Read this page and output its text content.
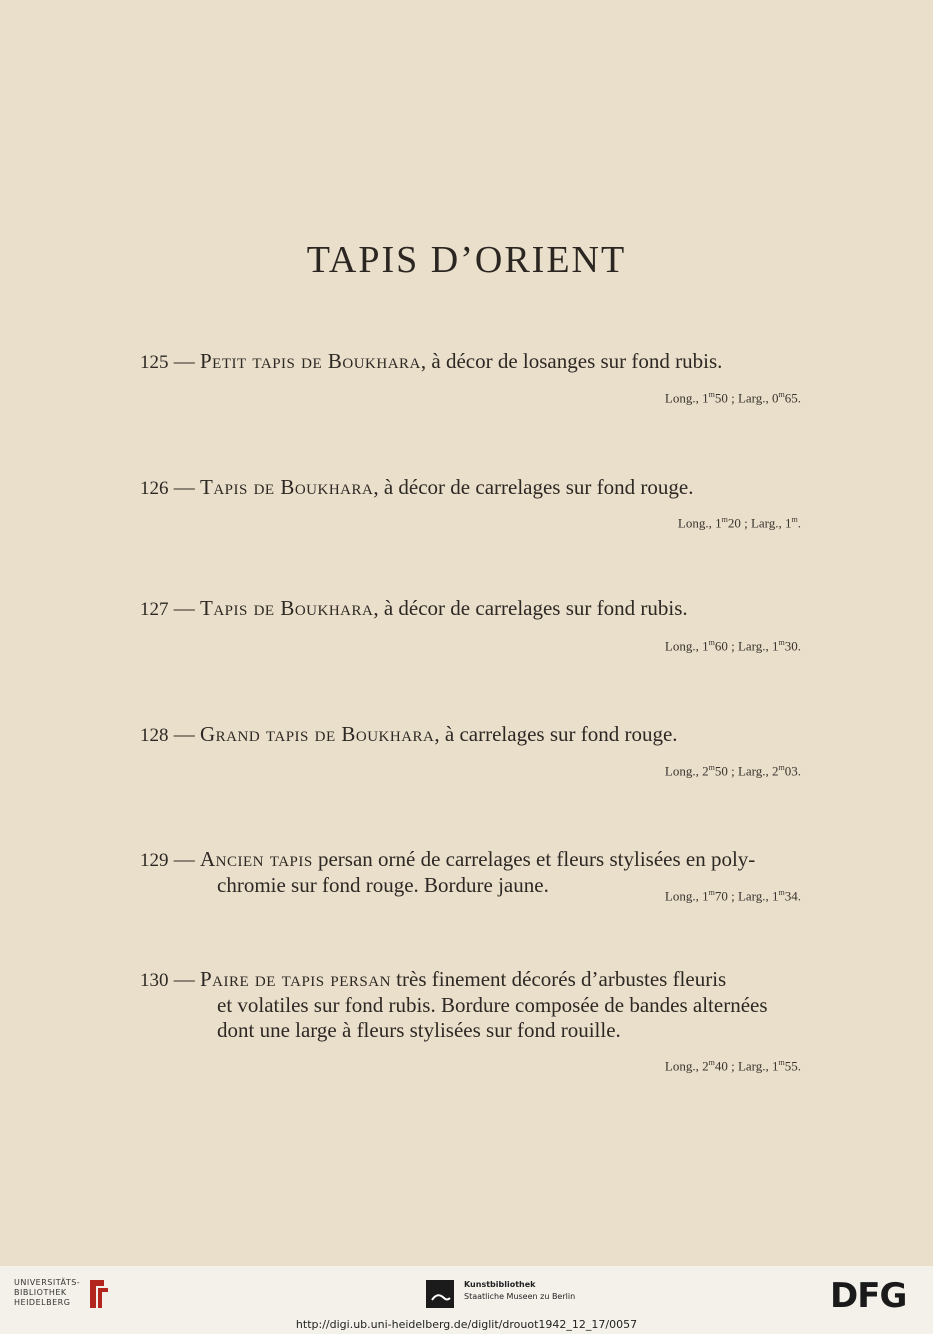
TAPIS D’ORIENT
125 — Petit tapis de Boukhara, à décor de losanges sur fond rubis.
Long., 1$^m$50 ; Larg., 0$^m$65.
126 — Tapis de Boukhara, à décor de carrelages sur fond rouge.
Long., 1$^m$20 ; Larg., 1$^m$.
127 — Tapis de Boukhara, à décor de carrelages sur fond rubis.
Long., 1$^m$60 ; Larg., 1$^m$30.
128 — Grand tapis de Boukhara, à carrelages sur fond rouge.
Long., 2$^m$50 ; Larg., 2$^m$03.
129 — Ancien tapis persan orné de carrelages et fleurs stylisées en poly-
chromie sur fond rouge. Bordure jaune.	Long., 1$^m$70 ; Larg., 1$^m$34.
130 — Paire de tapis persan très finement décorés d’arbustes fleuris
et volatiles sur fond rubis. Bordure composée de bandes alternées
dont une large à fleurs stylisées sur fond rouille.
Long., 2$^m$40 ; Larg., 1$^m$55.
UNIVERSITÄTS-
BIBLIOTHEK
HEIDELBERG
Kunstbibliothek
Staatliche Museen zu Berlin	DFG
http://digi.ub.uni-heidelberg.de/diglit/drouot1942_12_17/0057
